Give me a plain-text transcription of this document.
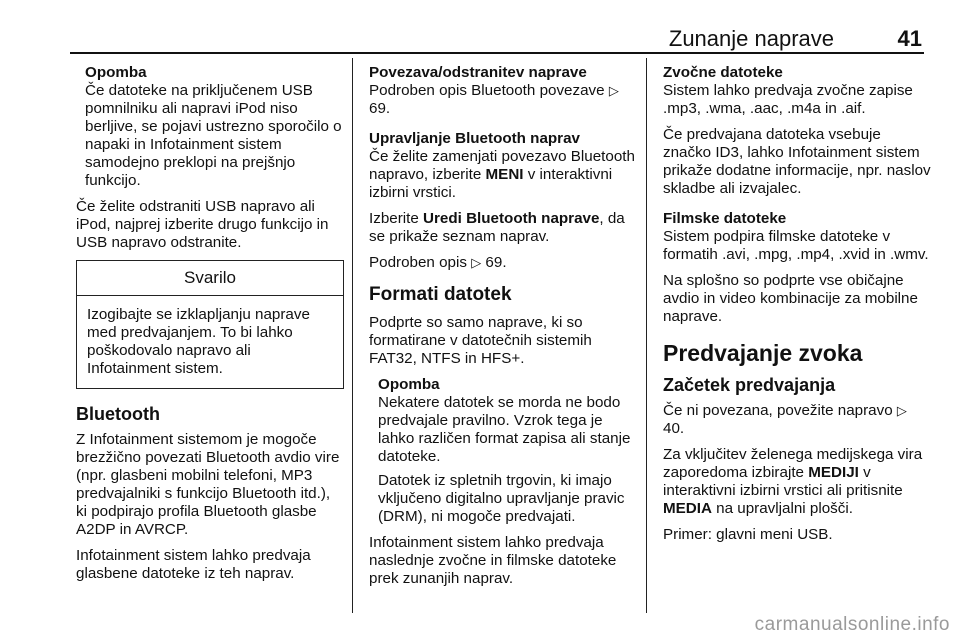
Zunanje naprave	41

Opomba

Če datoteke na priključenem USB pomnilniku ali napravi iPod niso berljive, se pojavi ustrezno sporočilo o napaki in Infotainment sistem samodejno preklopi na prejšnjo funkcijo.

Če želite odstraniti USB napravo ali iPod, najprej izberite drugo funkcijo in USB napravo odstranite.

Svarilo
Izogibajte se izklapljanju naprave med predvajanjem. To bi lahko poškodovalo napravo ali Infotainment sistem.
Bluetooth

Z Infotainment sistemom je mogoče brezžično povezati Bluetooth avdio vire (npr. glasbeni mobilni telefoni, MP3 predvajalniki s funkcijo Bluetooth itd.), ki podpirajo profila Bluetooth glasbe A2DP in AVRCP.

Infotainment sistem lahko predvaja glasbene datoteke iz teh naprav.

Povezava/odstranitev naprave

Podroben opis Bluetooth povezave ▷ 69.

Upravljanje Bluetooth naprav

Če želite zamenjati povezavo Bluetooth napravo, izberite MENI v interaktivni izbirni vrstici.

Izberite Uredi Bluetooth naprave, da se prikaže seznam naprav.

Podroben opis ▷ 69.

Formati datotek

Podprte so samo naprave, ki so formatirane v datotečnih sistemih FAT32, NTFS in HFS+.

Opomba

Nekatere datotek se morda ne bodo predvajale pravilno. Vzrok tega je lahko različen format zapisa ali stanje datoteke.

Datotek iz spletnih trgovin, ki imajo vključeno digitalno upravljanje pravic (DRM), ni mogoče predvajati.

Infotainment sistem lahko predvaja naslednje zvočne in filmske datoteke prek zunanjih naprav.

Zvočne datoteke

Sistem lahko predvaja zvočne zapise .mp3, .wma, .aac, .m4a in .aif.

Če predvajana datoteka vsebuje značko ID3, lahko Infotainment sistem prikaže dodatne informacije, npr. naslov skladbe ali izvajalec.

Filmske datoteke

Sistem podpira filmske datoteke v formatih .avi, .mpg, .mp4, .xvid in .wmv.

Na splošno so podprte vse običajne avdio in video kombinacije za mobilne naprave.

Predvajanje zvoka
Začetek predvajanja

Če ni povezana, povežite napravo ▷ 40.

Za vključitev želenega medijskega vira zaporedoma izbirajte MEDIJI v interaktivni izbirni vrstici ali pritisnite MEDIA na upravljalni plošči.

Primer: glavni meni USB.

carmanualsonline.info
